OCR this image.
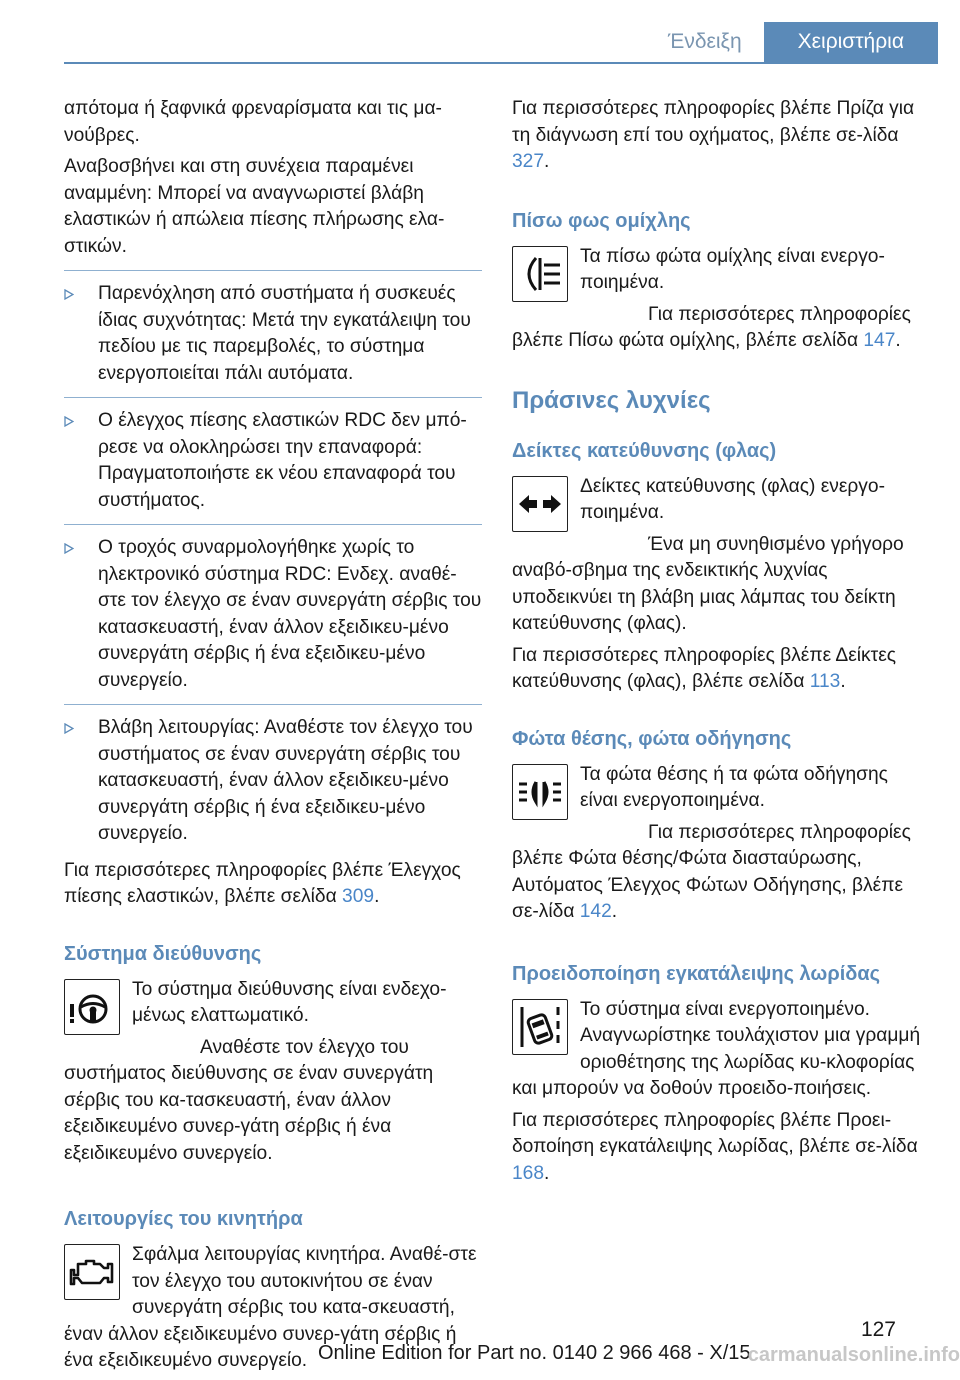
Ένδειξη	Χειριστήρια

απότομα ή ξαφνικά φρεναρίσματα και τις μα-νούβρες.

Αναβοσβήνει και στη συνέχεια παραμένει αναμμένη: Μπορεί να αναγνωριστεί βλάβη ελαστικών ή απώλεια πίεσης πλήρωσης ελα-στικών.

Παρενόχληση από συστήματα ή συσκευές ίδιας συχνότητας: Μετά την εγκατάλειψη του πεδίου με τις παρεμβολές, το σύστημα ενεργοποιείται πάλι αυτόματα.
Ο έλεγχος πίεσης ελαστικών RDC δεν μπό-ρεσε να ολοκληρώσει την επαναφορά: Πραγματοποιήστε εκ νέου επαναφορά του συστήματος.
Ο τροχός συναρμολογήθηκε χωρίς το ηλεκτρονικό σύστημα RDC: Ενδεχ. αναθέ-στε τον έλεγχο σε έναν συνεργάτη σέρβις του κατασκευαστή, έναν άλλον εξειδικευ-μένο συνεργάτη σέρβις ή ένα εξειδικευ-μένο συνεργείο.
Βλάβη λειτουργίας: Αναθέστε τον έλεγχο του συστήματος σε έναν συνεργάτη σέρβις του κατασκευαστή, έναν άλλον εξειδικευ-μένο συνεργάτη σέρβις ή ένα εξειδικευ-μένο συνεργείο.

Για περισσότερες πληροφορίες βλέπε Έλεγχος πίεσης ελαστικών, βλέπε σελίδα 309.

Σύστημα διεύθυνσης

Το σύστημα διεύθυνσης είναι ενδεχο-μένως ελαττωματικό.

Αναθέστε τον έλεγχο του συστήματος διεύθυνσης σε έναν συνεργάτη σέρβις του κα-τασκευαστή, έναν άλλον εξειδικευμένο συνερ-γάτη σέρβις ή ένα εξειδικευμένο συνεργείο.

Λειτουργίες του κινητήρα

Σφάλμα λειτουργίας κινητήρα. Αναθέ-στε τον έλεγχο του αυτοκινήτου σε έναν συνεργάτη σέρβις του κατα-σκευαστή, έναν άλλον εξειδικευμένο συνερ-γάτη σέρβις ή ένα εξειδικευμένο συνεργείο.

Για περισσότερες πληροφορίες βλέπε Πρίζα για τη διάγνωση επί του οχήματος, βλέπε σε-λίδα 327.

Πίσω φως ομίχλης

Τα πίσω φώτα ομίχλης είναι ενεργο-ποιημένα.

Για περισσότερες πληροφορίες βλέπε Πίσω φώτα ομίχλης, βλέπε σελίδα 147.

Πράσινες λυχνίες
Δείκτες κατεύθυνσης (φλας)

Δείκτες κατεύθυνσης (φλας) ενεργο-ποιημένα.

Ένα μη συνηθισμένο γρήγορο αναβό-σβημα της ενδεικτικής λυχνίας υποδεικνύει τη βλάβη μιας λάμπας του δείκτη κατεύθυνσης (φλας).

Για περισσότερες πληροφορίες βλέπε Δείκτες κατεύθυνσης (φλας), βλέπε σελίδα 113.

Φώτα θέσης, φώτα οδήγησης

Τα φώτα θέσης ή τα φώτα οδήγησης είναι ενεργοποιημένα.

Για περισσότερες πληροφορίες βλέπε Φώτα θέσης/Φώτα διασταύρωσης, Αυτόματος Έλεγχος Φώτων Οδήγησης, βλέπε σε-λίδα 142.

Προειδοποίηση εγκατάλειψης λωρίδας

Το σύστημα είναι ενεργοποιημένο. Αναγνωρίστηκε τουλάχιστον μια γραμμή οριοθέτησης της λωρίδας κυ-κλοφορίας και μπορούν να δοθούν προειδο-ποιήσεις.

Για περισσότερες πληροφορίες βλέπε Προει-δοποίηση εγκατάλειψης λωρίδας, βλέπε σε-λίδα 168.

127
Online Edition for Part no. 0140 2 966 468 - X/15
carmanualsonline.info
